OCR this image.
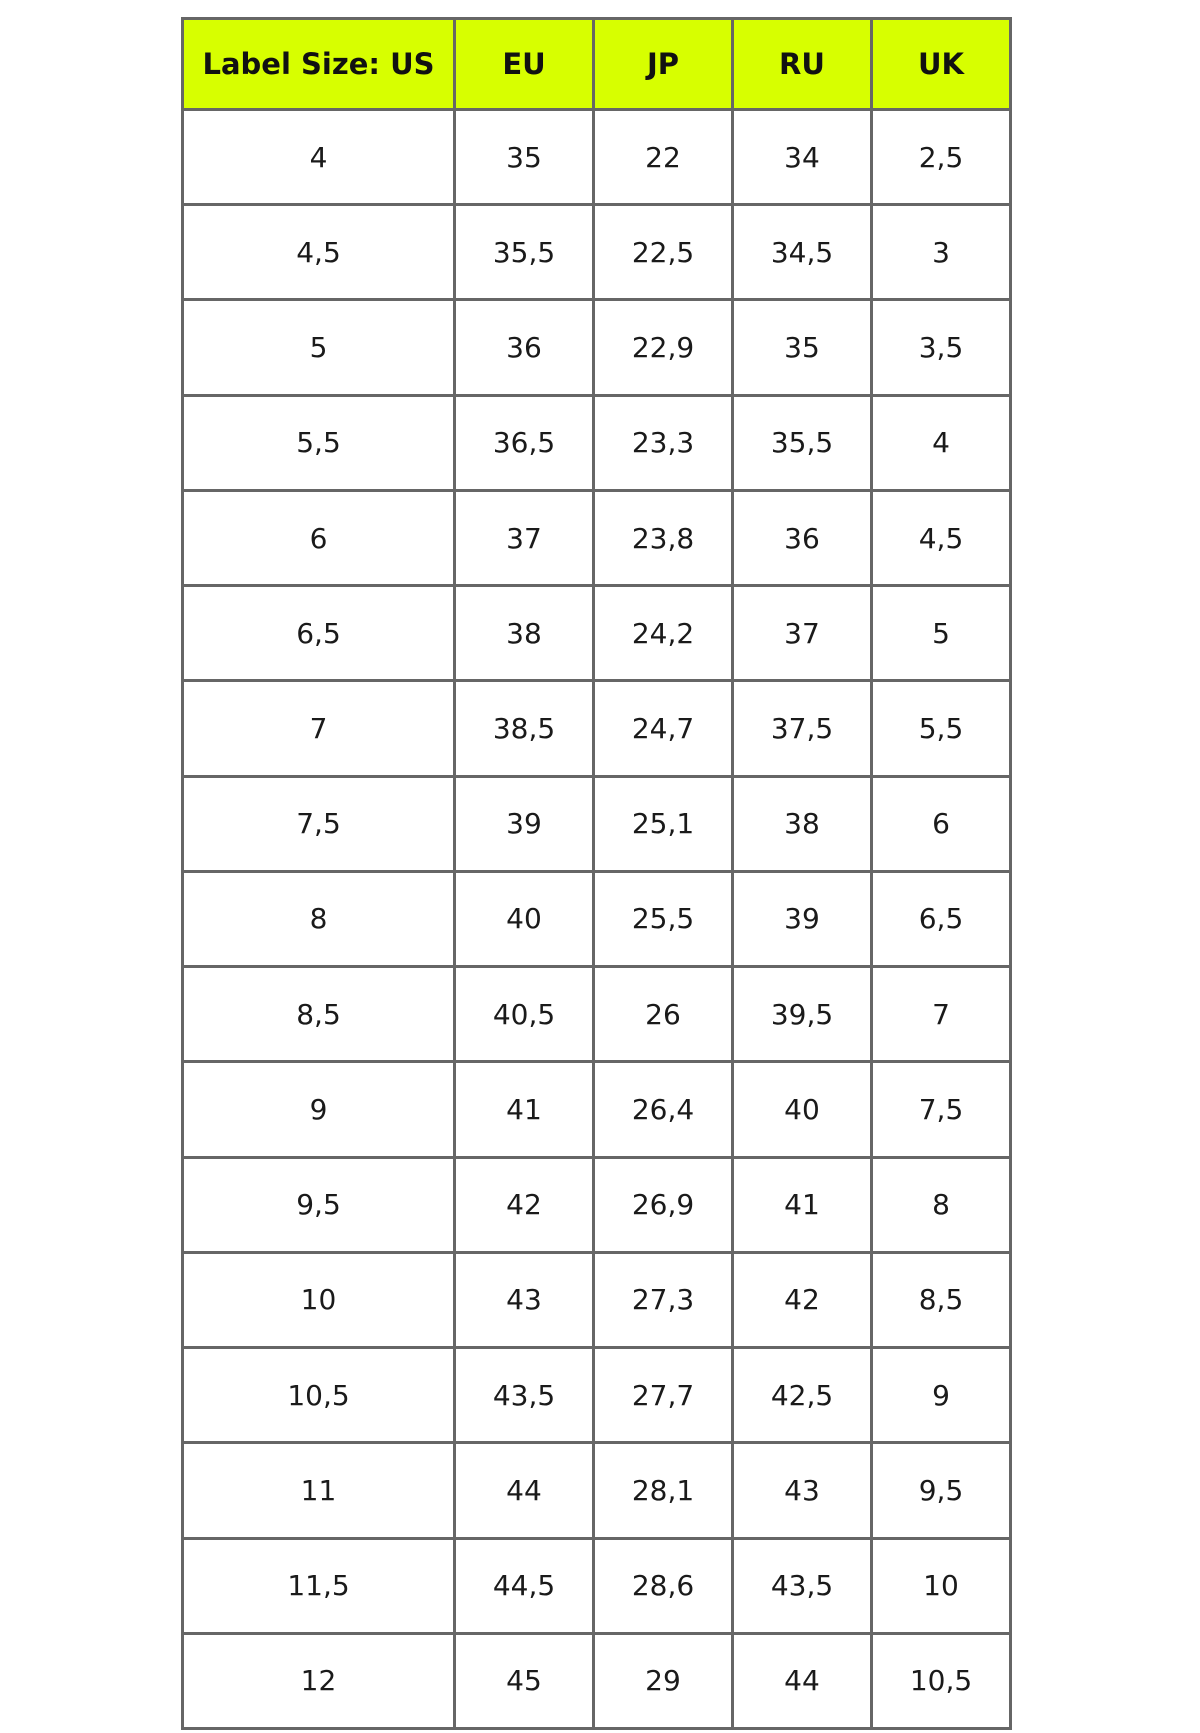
Label Size: US	EU	JP	RU	UK
4	35	22	34	2,5
4,5	35,5	22,5	34,5	3
5	36	22,9	35	3,5
5,5	36,5	23,3	35,5	4
6	37	23,8	36	4,5
6,5	38	24,2	37	5
7	38,5	24,7	37,5	5,5
7,5	39	25,1	38	6
8	40	25,5	39	6,5
8,5	40,5	26	39,5	7
9	41	26,4	40	7,5
9,5	42	26,9	41	8
10	43	27,3	42	8,5
10,5	43,5	27,7	42,5	9
11	44	28,1	43	9,5
11,5	44,5	28,6	43,5	10
12	45	29	44	10,5
